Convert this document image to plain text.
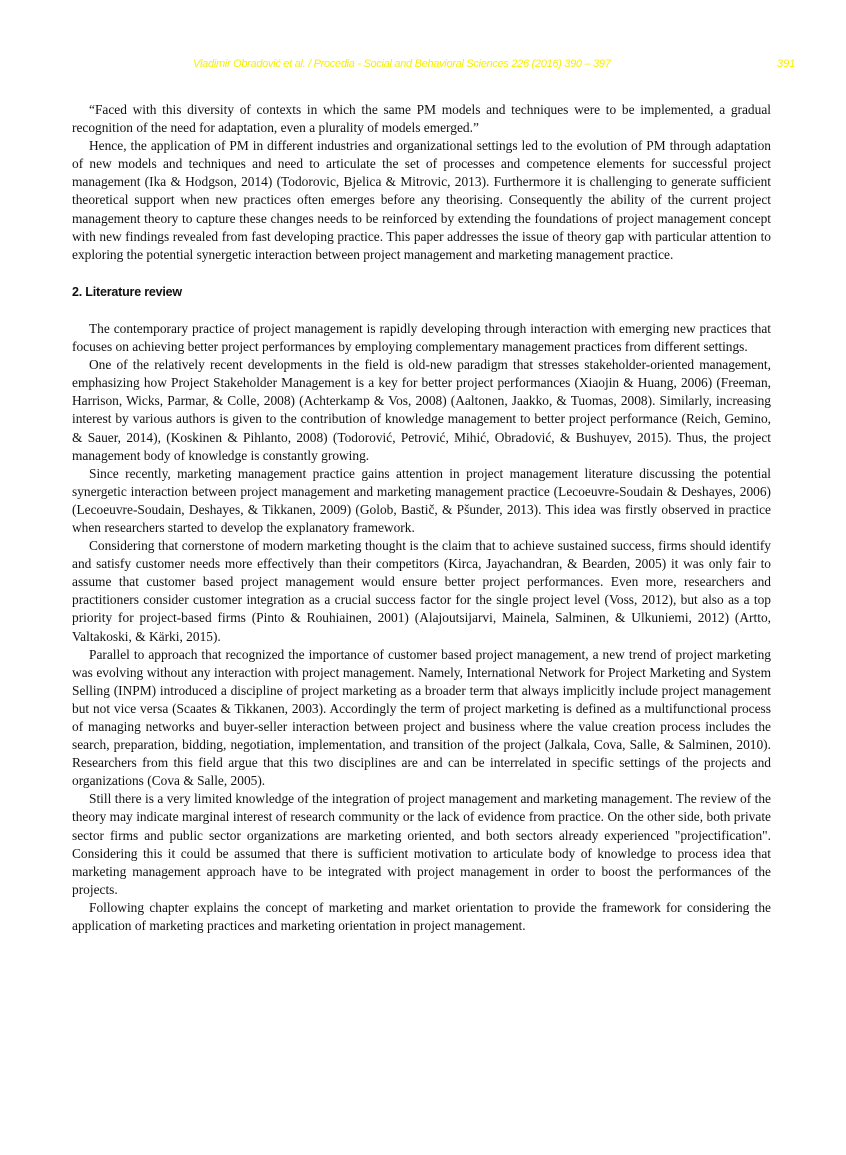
Vladimir Obradović et al. / Procedia - Social and Behavioral Sciences 226 (2016) 390 – 397	391

“Faced with this diversity of contexts in which the same PM models and techniques were to be implemented, a gradual recognition of the need for adaptation, even a plurality of models emerged.”

Hence, the application of PM in different industries and organizational settings led to the evolution of PM through adaptation of new models and techniques and need to articulate the set of processes and competence elements for successful project management (Ika & Hodgson, 2014) (Todorovic, Bjelica & Mitrovic, 2013). Furthermore it is challenging to generate sufficient theoretical support when new practices often emerges before any theorising. Consequently the ability of the current project management theory to capture these changes needs to be reinforced by extending the foundations of project management concept with new findings revealed from fast developing practice. This paper addresses the issue of theory gap with particular attention to exploring the potential synergetic interaction between project management and marketing management practice.

2. Literature review

The contemporary practice of project management is rapidly developing through interaction with emerging new practices that focuses on achieving better project performances by employing complementary management practices from different settings.

One of the relatively recent developments in the field is old-new paradigm that stresses stakeholder-oriented management, emphasizing how Project Stakeholder Management is a key for better project performances (Xiaojin & Huang, 2006) (Freeman, Harrison, Wicks, Parmar, & Colle, 2008) (Achterkamp & Vos, 2008) (Aaltonen, Jaakko, & Tuomas, 2008). Similarly, increasing interest by various authors is given to the contribution of knowledge management to better project performance (Reich, Gemino, & Sauer, 2014), (Koskinen & Pihlanto, 2008) (Todorović, Petrović, Mihić, Obradović, & Bushuyev, 2015). Thus, the project management body of knowledge is constantly growing.

Since recently, marketing management practice gains attention in project management literature discussing the potential synergetic interaction between project management and marketing management practice (Lecoeuvre-Soudain & Deshayes, 2006)(Lecoeuvre-Soudain, Deshayes, & Tikkanen, 2009) (Golob, Bastič, & Pšunder, 2013). This idea was firstly observed in practice when researchers started to develop the explanatory framework.

Considering that cornerstone of modern marketing thought is the claim that to achieve sustained success, firms should identify and satisfy customer needs more effectively than their competitors (Kirca, Jayachandran, & Bearden, 2005) it was only fair to assume that customer based project management would ensure better project performances. Even more, researchers and practitioners consider customer integration as a crucial success factor for the single project level (Voss, 2012), but also as a top priority for project-based firms (Pinto & Rouhiainen, 2001) (Alajoutsijarvi, Mainela, Salminen, & Ulkuniemi, 2012) (Artto, Valtakoski, & Kärki, 2015).

Parallel to approach that recognized the importance of customer based project management, a new trend of project marketing was evolving without any interaction with project management. Namely, International Network for Project Marketing and System Selling (INPM) introduced a discipline of project marketing as a broader term that always implicitly include project management but not vice versa (Scaates & Tikkanen, 2003). Accordingly the term of project marketing is defined as a multifunctional process of managing networks and buyer-seller interaction between project and business where the value creation process includes the search, preparation, bidding, negotiation, implementation, and transition of the project (Jalkala, Cova, Salle, & Salminen, 2010). Researchers from this field argue that this two disciplines are and can be interrelated in specific settings of the projects and organizations (Cova & Salle, 2005).

Still there is a very limited knowledge of the integration of project management and marketing management. The review of the theory may indicate marginal interest of research community or the lack of evidence from practice. On the other side, both private sector firms and public sector organizations are marketing oriented, and both sectors already experienced "projectification". Considering this it could be assumed that there is sufficient motivation to articulate body of knowledge to process idea that marketing management approach have to be integrated with project management in order to boost the performances of the projects.

Following chapter explains the concept of marketing and market orientation to provide the framework for considering the application of marketing practices and marketing orientation in project management.
